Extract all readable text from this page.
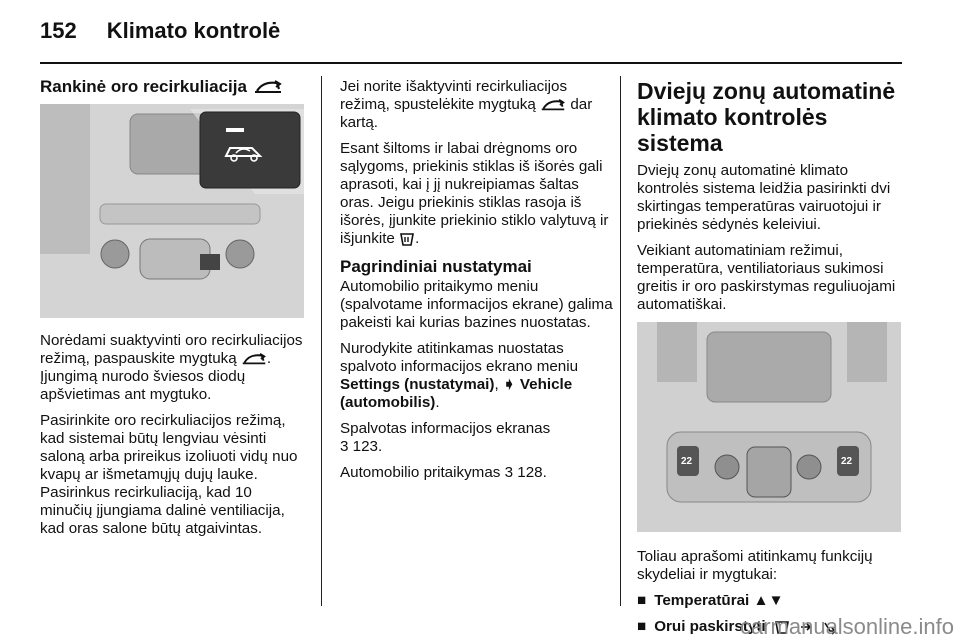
152 Klimato kontrolė
Rankinė oro recirkuliacija

Norėdami suaktyvinti oro recirkuliacijos režimą, paspauskite mygtuką . Įjungimą nurodo šviesos diodų apšvietimas ant mygtuko.

Pasirinkite oro recirkuliacijos režimą, kad sistemai būtų lengviau vėsinti saloną arba prireikus izoliuoti vidų nuo kvapų ar išmetamųjų dujų lauke. Pasirinkus recirkuliaciją, kad 10 minučių įjungiama dalinė ventiliacija, kad oras salone būtų atgaivintas.

Jei norite išaktyvinti recirkuliacijos režimą, spustelėkite mygtuką dar kartą.

Esant šiltoms ir labai drėgnoms oro sąlygoms, priekinis stiklas iš išorės gali aprasoti, kai į jį nukreipiamas šaltas oras. Jeigu priekinis stiklas rasoja iš išorės, įjunkite priekinio stiklo valytuvą ir išjunkite .

Pagrindiniai nustatymai

Automobilio pritaikymo meniu (spalvotame informacijos ekrane) galima pakeisti kai kurias bazines nuostatas.

Nurodykite atitinkamas nuostatas spalvoto informacijos ekrano meniu Settings (nustatymai), ➧ Vehicle (automobilis).

Spalvotas informacijos ekranas
3 123.

Automobilio pritaikymas 3 128.

Dviejų zonų automatinė klimato kontrolės sistema

Dviejų zonų automatinė klimato kontrolės sistema leidžia pasirinkti dvi skirtingas temperatūras vairuotojui ir priekinės sėdynės keleiviui.

Veikiant automatiniam režimui, temperatūra, ventiliatoriaus sukimosi greitis ir oro paskirstymas reguliuojami automatiškai.

22	22

Toliau aprašomi atitinkamų funkcijų skydeliai ir mygtukai:

■ Temperatūrai ▲▼
■ Orui paskirstyti
carmanualsonline.info
